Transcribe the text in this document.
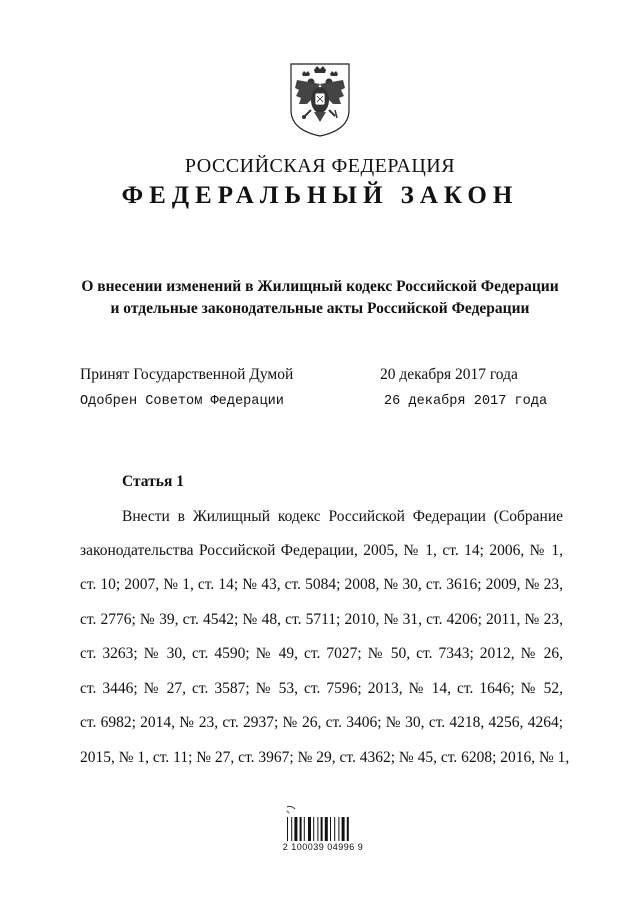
РОССИЙСКАЯ ФЕДЕРАЦИЯ
ФЕДЕРАЛЬНЫЙ ЗАКОН
О внесении изменений в Жилищный кодекс Российской Федерации
и отдельные законодательные акты Российской Федерации
Принят Государственной Думой	20 декабря 2017 года
Одобрен Советом Федерации	26 декабря 2017 года
Статья 1
Внести в Жилищный кодекс Российской Федерации (Собрание
законодательства Российской Федерации, 2005, № 1, ст. 14; 2006, № 1,
ст. 10; 2007, № 1, ст. 14; № 43, ст. 5084; 2008, № 30, ст. 3616; 2009, № 23,
ст. 2776; № 39, ст. 4542; № 48, ст. 5711; 2010, № 31, ст. 4206; 2011, № 23,
ст. 3263; № 30, ст. 4590; № 49, ст. 7027; № 50, ст. 7343; 2012, № 26,
ст. 3446; № 27, ст. 3587; № 53, ст. 7596; 2013, № 14, ст. 1646; № 52,
ст. 6982; 2014, № 23, ст. 2937; № 26, ст. 3406; № 30, ст. 4218, 4256, 4264;
2015, № 1, ст. 11; № 27, ст. 3967; № 29, ст. 4362; № 45, ст. 6208; 2016, № 1,
✎
2 100039 04996 9
